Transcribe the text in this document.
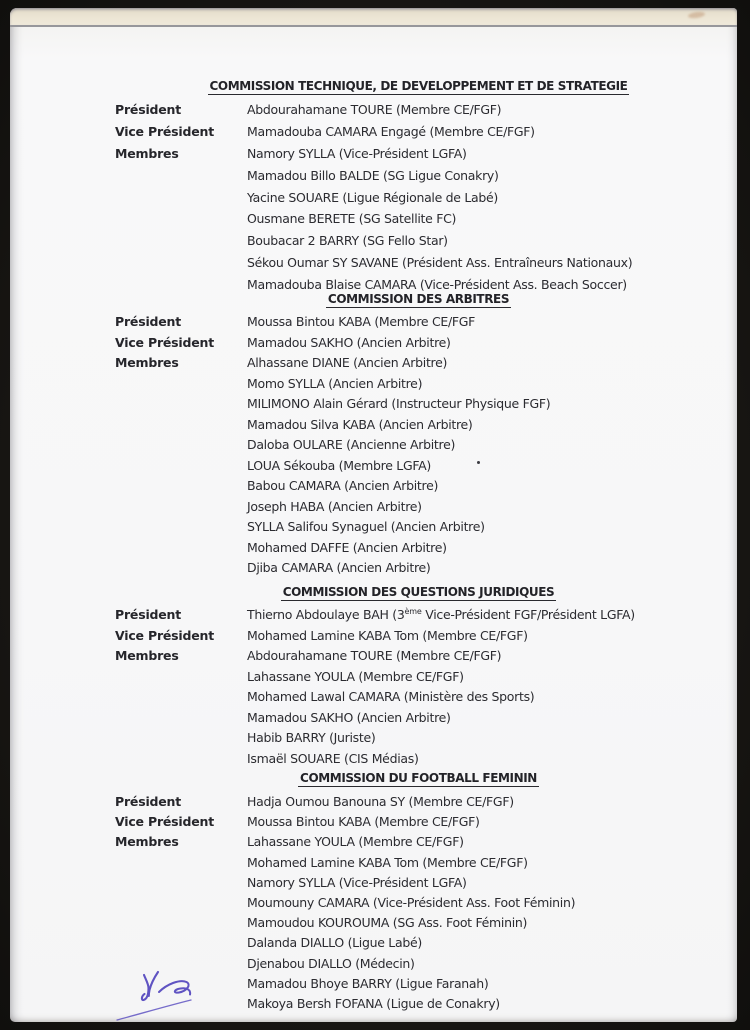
COMMISSION TECHNIQUE, DE DEVELOPPEMENT ET DE STRATEGIE
Président	Abdourahamane TOURE (Membre CE/FGF)
Vice Président	Mamadouba CAMARA Engagé (Membre CE/FGF)
Membres	Namory SYLLA (Vice-Président LGFA)
Mamadou Billo BALDE (SG Ligue Conakry)
Yacine SOUARE (Ligue Régionale de Labé)
Ousmane BERETE (SG Satellite FC)
Boubacar 2 BARRY (SG Fello Star)
Sékou Oumar SY SAVANE (Président Ass. Entraîneurs Nationaux)
Mamadouba Blaise CAMARA (Vice-Président Ass. Beach Soccer)
COMMISSION DES ARBITRES
Président	Moussa Bintou KABA (Membre CE/FGF
Vice Président	Mamadou SAKHO (Ancien Arbitre)
Membres	Alhassane DIANE (Ancien Arbitre)
Momo SYLLA (Ancien Arbitre)
MILIMONO Alain Gérard (Instructeur Physique FGF)
Mamadou Silva KABA (Ancien Arbitre)
Daloba OULARE (Ancienne Arbitre)
LOUA Sékouba (Membre LGFA)
Babou CAMARA (Ancien Arbitre)
Joseph HABA (Ancien Arbitre)
SYLLA Salifou Synaguel (Ancien Arbitre)
Mohamed DAFFE (Ancien Arbitre)
Djiba CAMARA (Ancien Arbitre)
COMMISSION DES QUESTIONS JURIDIQUES
Président	Thierno Abdoulaye BAH (3ème Vice-Président FGF/Président LGFA)
Vice Président	Mohamed Lamine KABA Tom (Membre CE/FGF)
Membres	Abdourahamane TOURE (Membre CE/FGF)
Lahassane YOULA (Membre CE/FGF)
Mohamed Lawal CAMARA (Ministère des Sports)
Mamadou SAKHO (Ancien Arbitre)
Habib BARRY (Juriste)
Ismaël SOUARE (CIS Médias)
COMMISSION DU FOOTBALL FEMININ
Président	Hadja Oumou Banouna SY (Membre CE/FGF)
Vice Président	Moussa Bintou KABA (Membre CE/FGF)
Membres	Lahassane YOULA (Membre CE/FGF)
Mohamed Lamine KABA Tom (Membre CE/FGF)
Namory SYLLA (Vice-Président LGFA)
Moumouny CAMARA (Vice-Président Ass. Foot Féminin)
Mamoudou KOUROUMA (SG Ass. Foot Féminin)
Dalanda DIALLO (Ligue Labé)
Djenabou DIALLO (Médecin)
Mamadou Bhoye BARRY (Ligue Faranah)
Makoya Bersh FOFANA (Ligue de Conakry)
